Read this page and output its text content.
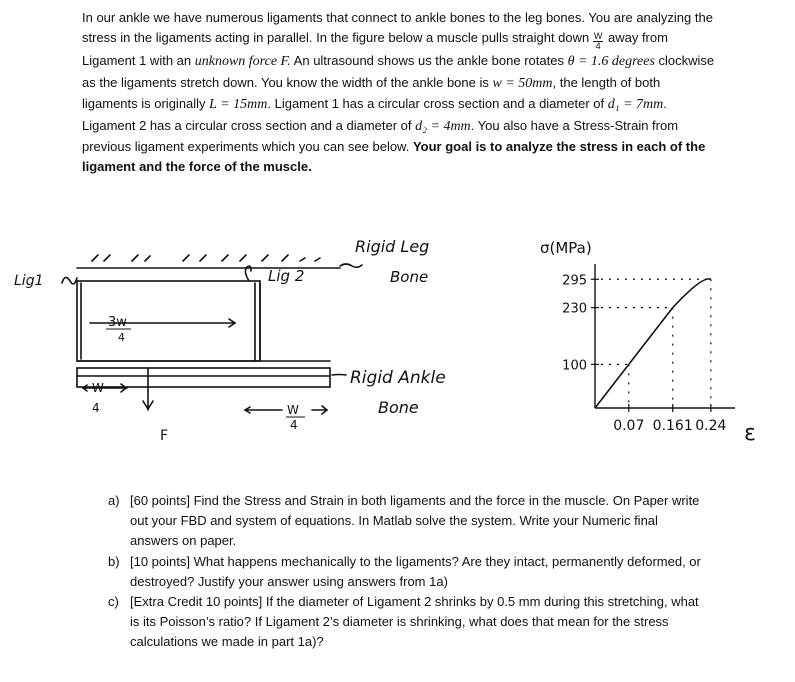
In our ankle we have numerous ligaments that connect to ankle bones to the leg bones. You are analyzing the stress in the ligaments acting in parallel. In the figure below a muscle pulls straight down $\frac{W}{4}$ away from Ligament 1 with an unknown force F. An ultrasound shows us the ankle bone rotates θ = 1.6 degrees clockwise as the ligaments stretch down. You know the width of the ankle bone is w = 50mm, the length of both ligaments is originally L = 15mm. Ligament 1 has a circular cross section and a diameter of d₁ = 7mm. Ligament 2 has a circular cross section and a diameter of d₂ = 4mm. You also have a Stress-Strain from previous ligament experiments which you can see below. Your goal is to analyze the stress in each of the ligament and the force of the muscle.

Rigid Leg
Bone
Rigid Ankle
Bone
Lig1	Lig 2
3w
4
W
4	W
4
F
295
230
100
0.07 0.161 0.24
σ(MPa)
ε
a) [60 points] Find the Stress and Strain in both ligaments and the force in the muscle. On Paper write out your FBD and system of equations. In Matlab solve the system. Write your Numeric final answers on paper.
b) [10 points] What happens mechanically to the ligaments? Are they intact, permanently deformed, or destroyed? Justify your answer using answers from 1a)
c) [Extra Credit 10 points] If the diameter of Ligament 2 shrinks by 0.5 mm during this stretching, what is its Poisson’s ratio? If Ligament 2’s diameter is shrinking, what does that mean for the stress calculations we made in part 1a)?
